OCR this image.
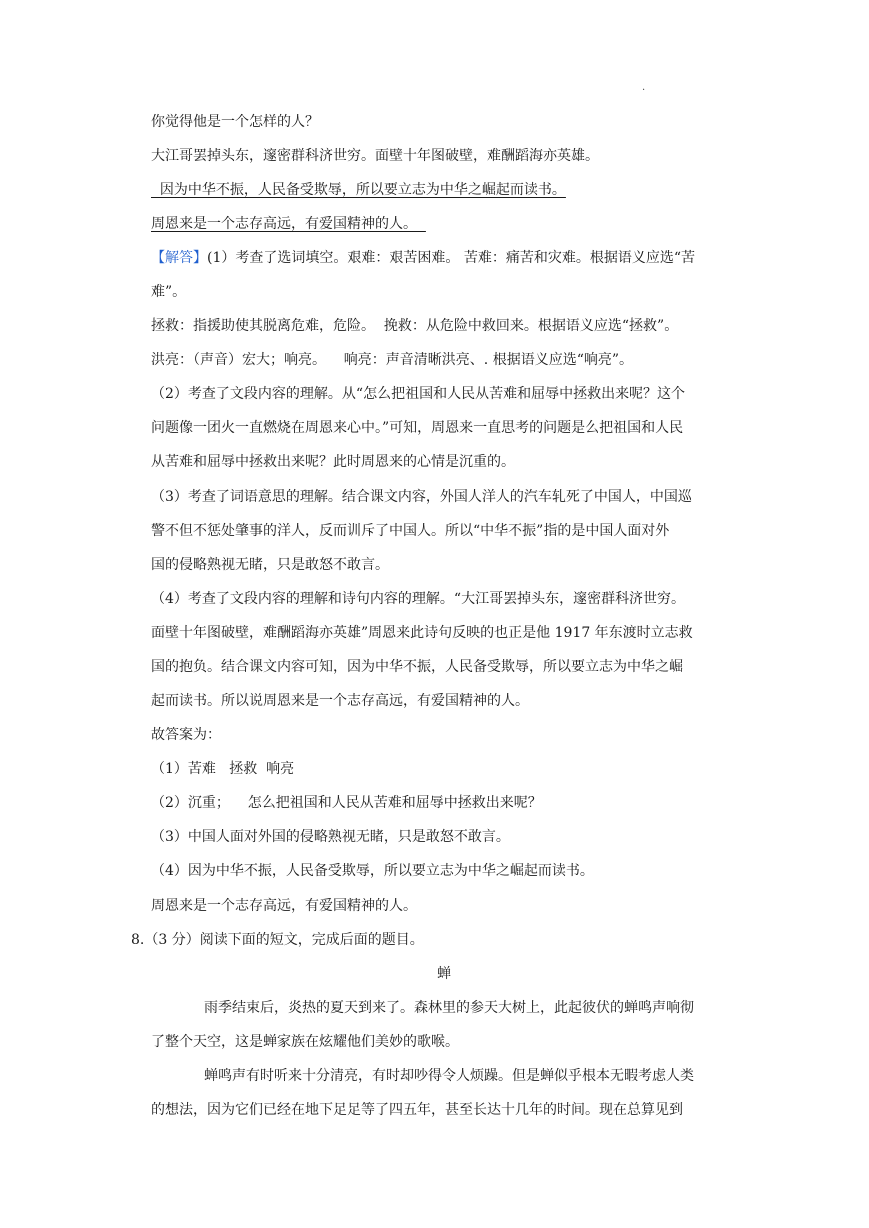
.
你觉得他是一个怎样的人？
大江哥罢掉头东，邃密群科济世穷。面壁十年图破壁，难酬蹈海亦英雄。
因为中华不振，人民备受欺辱，所以要立志为中华之崛起而读书。
周恩来是一个志存高远，有爱国精神的人。
【解答】(1）考查了选词填空。艰难：艰苦困难。 苦难：痛苦和灾难。根据语义应选“苦
难”。
拯救：指援助使其脱离危难，危险。  挽救：从危险中救回来。根据语义应选“拯救”。
洪亮：（声音）宏大；响亮。    响亮：声音清晰洪亮、. 根据语义应选“响亮”。
（2）考查了文段内容的理解。从“怎么把祖国和人民从苦难和屈辱中拯救出来呢？这个
问题像一团火一直燃烧在周恩来心中。”可知，周恩来一直思考的问题是么把祖国和人民
从苦难和屈辱中拯救出来呢？此时周恩来的心情是沉重的。
（3）考查了词语意思的理解。结合课文内容，外国人洋人的汽车轧死了中国人，中国巡
警不但不惩处肇事的洋人，反而训斥了中国人。所以“中华不振”指的是中国人面对外
国的侵略熟视无睹，只是敢怒不敢言。
（4）考查了文段内容的理解和诗句内容的理解。“大江哥罢掉头东，邃密群科济世穷。
面壁十年图破壁，难酬蹈海亦英雄”周恩来此诗句反映的也正是他 1917 年东渡时立志救
国的抱负。结合课文内容可知，因为中华不振，人民备受欺辱，所以要立志为中华之崛
起而读书。所以说周恩来是一个志存高远，有爱国精神的人。
故答案为：
（1）苦难   拯救  响亮
（2）沉重；    怎么把祖国和人民从苦难和屈辱中拯救出来呢？
（3）中国人面对外国的侵略熟视无睹，只是敢怒不敢言。
（4）因为中华不振，人民备受欺辱，所以要立志为中华之崛起而读书。
周恩来是一个志存高远，有爱国精神的人。
8.（3 分）阅读下面的短文，完成后面的题目。
蝉
雨季结束后，炎热的夏天到来了。森林里的参天大树上，此起彼伏的蝉鸣声响彻
了整个天空，这是蝉家族在炫耀他们美妙的歌喉。
蝉鸣声有时听来十分清亮，有时却吵得令人烦躁。但是蝉似乎根本无暇考虑人类
的想法，因为它们已经在地下足足等了四五年，甚至长达十几年的时间。现在总算见到
